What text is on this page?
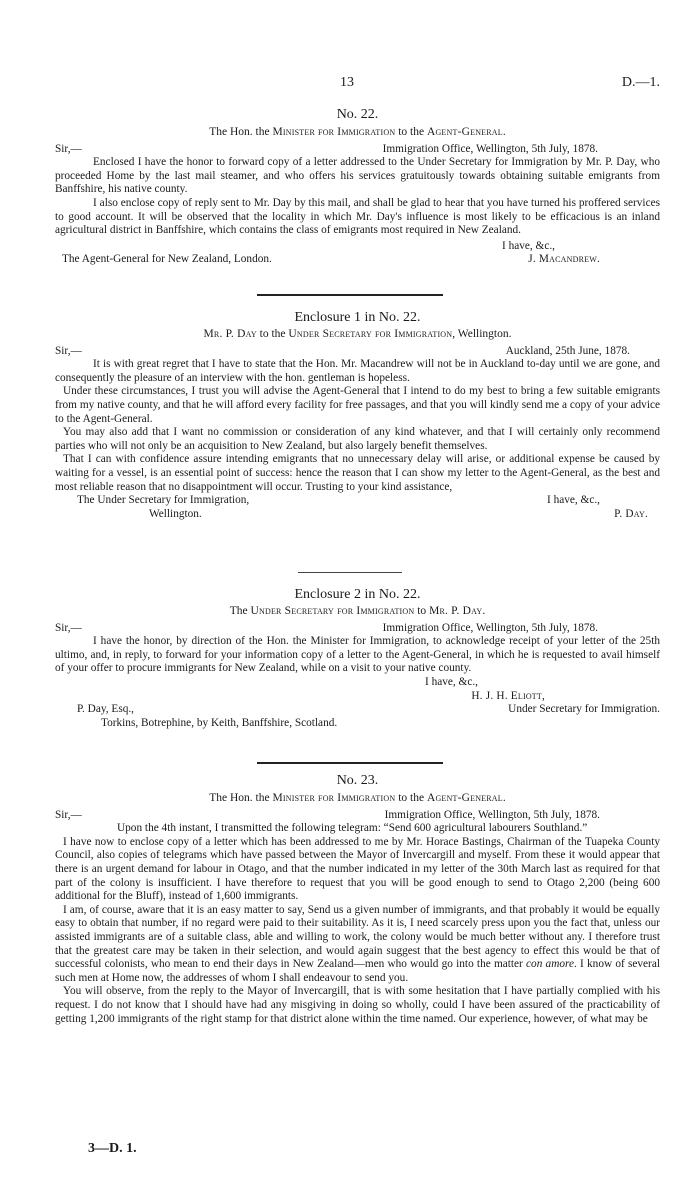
13	D.—1.
No. 22.
The Hon. the Minister for Immigration to the Agent-General.
Sir,—	Immigration Office, Wellington, 5th July, 1878.

Enclosed I have the honor to forward copy of a letter addressed to the Under Secretary for Immigration by Mr. P. Day, who proceeded Home by the last mail steamer, and who offers his services gratuitously towards obtaining suitable emigrants from Banffshire, his native county.

I also enclose copy of reply sent to Mr. Day by this mail, and shall be glad to hear that you have turned his proffered services to good account. It will be observed that the locality in which Mr. Day's influence is most likely to be efficacious is an inland agricultural district in Banffshire, which contains the class of emigrants most required in New Zealand.

I have, &c.,
The Agent-General for New Zealand, London.	J. Macandrew.
Enclosure 1 in No. 22.
Mr. P. Day to the Under Secretary for Immigration, Wellington.
Sir,—	Auckland, 25th June, 1878.

It is with great regret that I have to state that the Hon. Mr. Macandrew will not be in Auckland to-day until we are gone, and consequently the pleasure of an interview with the hon. gentleman is hopeless.

Under these circumstances, I trust you will advise the Agent-General that I intend to do my best to bring a few suitable emigrants from my native county, and that he will afford every facility for free passages, and that you will kindly send me a copy of your advice to the Agent-General.

You may also add that I want no commission or consideration of any kind whatever, and that I will certainly only recommend parties who will not only be an acquisition to New Zealand, but also largely benefit themselves.

That I can with confidence assure intending emigrants that no unnecessary delay will arise, or additional expense be caused by waiting for a vessel, is an essential point of success: hence the reason that I can show my letter to the Agent-General, as the best and most reliable reason that no disappointment will occur. Trusting to your kind assistance,

The Under Secretary for Immigration,	I have, &c.,
Wellington.	P. Day.
Enclosure 2 in No. 22.
The Under Secretary for Immigration to Mr. P. Day.
Sir,—	Immigration Office, Wellington, 5th July, 1878.

I have the honor, by direction of the Hon. the Minister for Immigration, to acknowledge receipt of your letter of the 25th ultimo, and, in reply, to forward for your information copy of a letter to the Agent-General, in which he is requested to avail himself of your offer to procure immigrants for New Zealand, while on a visit to your native county.

I have, &c.,
H. J. H. Eliott,
P. Day, Esq.,	Under Secretary for Immigration.
Torkins, Botrephine, by Keith, Banffshire, Scotland.
No. 23.
The Hon. the Minister for Immigration to the Agent-General.
Sir,—	Immigration Office, Wellington, 5th July, 1878.

Upon the 4th instant, I transmitted the following telegram: “Send 600 agricultural labourers Southland.”

I have now to enclose copy of a letter which has been addressed to me by Mr. Horace Bastings, Chairman of the Tuapeka County Council, also copies of telegrams which have passed between the Mayor of Invercargill and myself. From these it would appear that there is an urgent demand for labour in Otago, and that the number indicated in my letter of the 30th March last as required for that part of the colony is insufficient. I have therefore to request that you will be good enough to send to Otago 2,200 (being 600 additional for the Bluff), instead of 1,600 immigrants.

I am, of course, aware that it is an easy matter to say, Send us a given number of immigrants, and that probably it would be equally easy to obtain that number, if no regard were paid to their suitability. As it is, I need scarcely press upon you the fact that, unless our assisted immigrants are of a suitable class, able and willing to work, the colony would be much better without any. I therefore trust that the greatest care may be taken in their selection, and would again suggest that the best agency to effect this would be that of successful colonists, who mean to end their days in New Zealand—men who would go into the matter con amore. I know of several such men at Home now, the addresses of whom I shall endeavour to send you.

You will observe, from the reply to the Mayor of Invercargill, that is with some hesitation that I have partially complied with his request. I do not know that I should have had any misgiving in doing so wholly, could I have been assured of the practicability of getting 1,200 immigrants of the right stamp for that district alone within the time named. Our experience, however, of what may be

3—D. 1.
